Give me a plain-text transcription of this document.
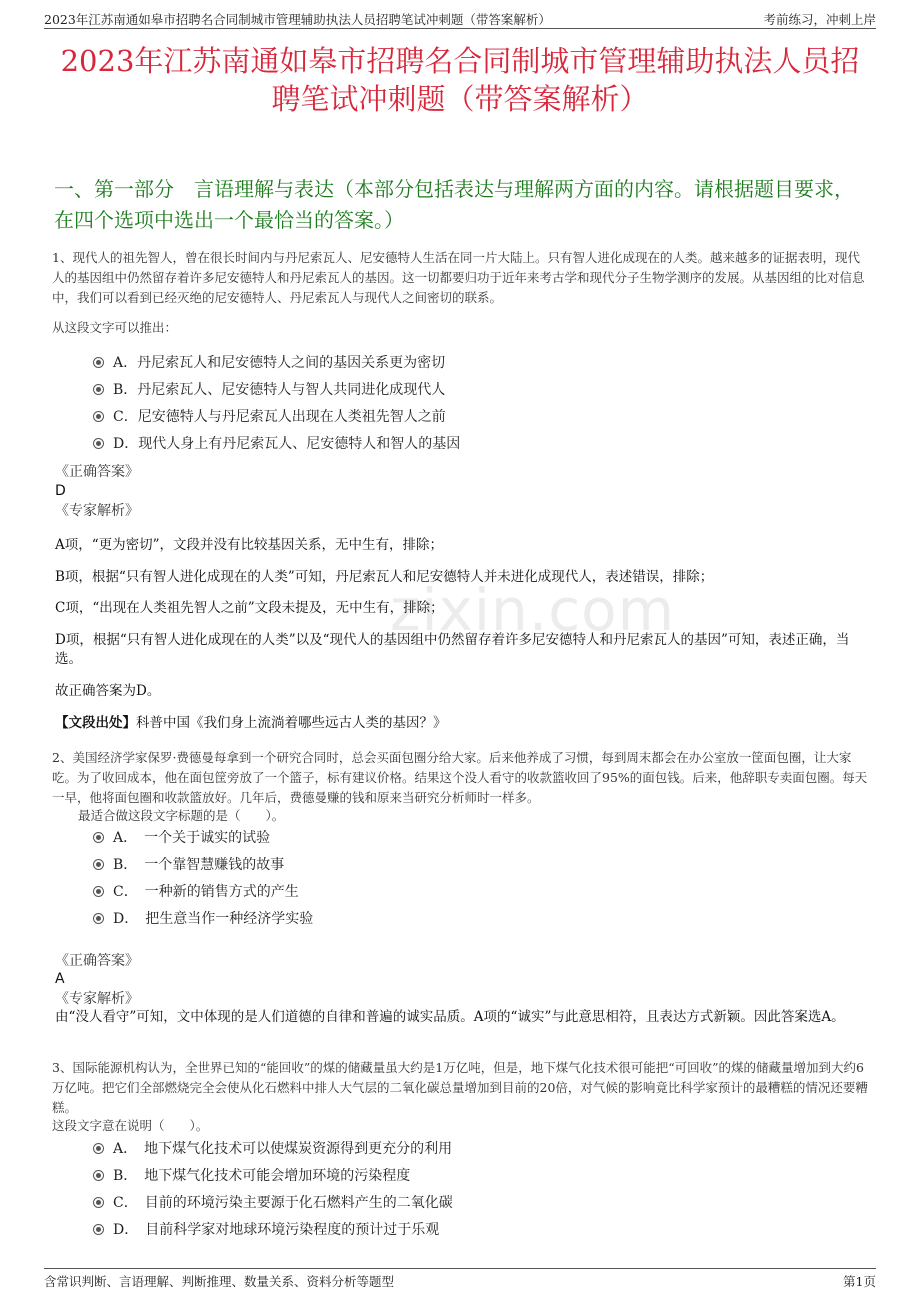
2023年江苏南通如皋市招聘名合同制城市管理辅助执法人员招聘笔试冲刺题（带答案解析）	考前练习，冲刺上岸
2023年江苏南通如皋市招聘名合同制城市管理辅助执法人员招聘笔试冲刺题（带答案解析）
一、第一部分　言语理解与表达（本部分包括表达与理解两方面的内容。请根据题目要求，在四个选项中选出一个最恰当的答案。）
zixin.com

1、现代人的祖先智人，曾在很长时间内与丹尼索瓦人、尼安德特人生活在同一片大陆上。只有智人进化成现在的人类。越来越多的证据表明，现代人的基因组中仍然留存着许多尼安德特人和丹尼索瓦人的基因。这一切都要归功于近年来考古学和现代分子生物学测序的发展。从基因组的比对信息中，我们可以看到已经灭绝的尼安德特人、丹尼索瓦人与现代人之间密切的联系。

从这段文字可以推出：

A．丹尼索瓦人和尼安德特人之间的基因关系更为密切
B．丹尼索瓦人、尼安德特人与智人共同进化成现代人
C．尼安德特人与丹尼索瓦人出现在人类祖先智人之前
D．现代人身上有丹尼索瓦人、尼安德特人和智人的基因

《正确答案》

D

《专家解析》

A项，“更为密切”，文段并没有比较基因关系，无中生有，排除；

B项，根据“只有智人进化成现在的人类”可知，丹尼索瓦人和尼安德特人并未进化成现代人，表述错误，排除；

C项，“出现在人类祖先智人之前”文段未提及，无中生有，排除；

D项，根据“只有智人进化成现在的人类”以及“现代人的基因组中仍然留存着许多尼安德特人和丹尼索瓦人的基因”可知，表述正确，当选。

故正确答案为D。

【文段出处】科普中国《我们身上流淌着哪些远古人类的基因？》

2、美国经济学家保罗·费德曼每拿到一个研究合同时，总会买面包圈分给大家。后来他养成了习惯，每到周末都会在办公室放一筐面包圈，让大家吃。为了收回成本，他在面包筐旁放了一个篮子，标有建议价格。结果这个没人看守的收款篮收回了95%的面包钱。后来，他辞职专卖面包圈。每天一早，他将面包圈和收款篮放好。几年后，费德曼赚的钱和原来当研究分析师时一样多。

最适合做这段文字标题的是（　　）。

A．　一个关于诚实的试验
B．　一个靠智慧赚钱的故事
C．　一种新的销售方式的产生
D．　把生意当作一种经济学实验

《正确答案》

A

《专家解析》

由“没人看守”可知，文中体现的是人们道德的自律和普遍的诚实品质。A项的“诚实”与此意思相符，且表达方式新颖。因此答案选A。

3、国际能源机构认为，全世界已知的“能回收”的煤的储藏量虽大约是1万亿吨，但是，地下煤气化技术很可能把“可回收”的煤的储藏量增加到大约6万亿吨。把它们全部燃烧完全会使从化石燃料中排人大气层的二氧化碳总量增加到目前的20倍，对气候的影响竟比科学家预计的最糟糕的情况还要糟糕。

这段文字意在说明（　　）。

A．　地下煤气化技术可以使煤炭资源得到更充分的利用
B．　地下煤气化技术可能会增加环境的污染程度
C．　目前的环境污染主要源于化石燃料产生的二氧化碳
D．　目前科学家对地球环境污染程度的预计过于乐观
含常识判断、言语理解、判断推理、数量关系、资料分析等题型	第1页
